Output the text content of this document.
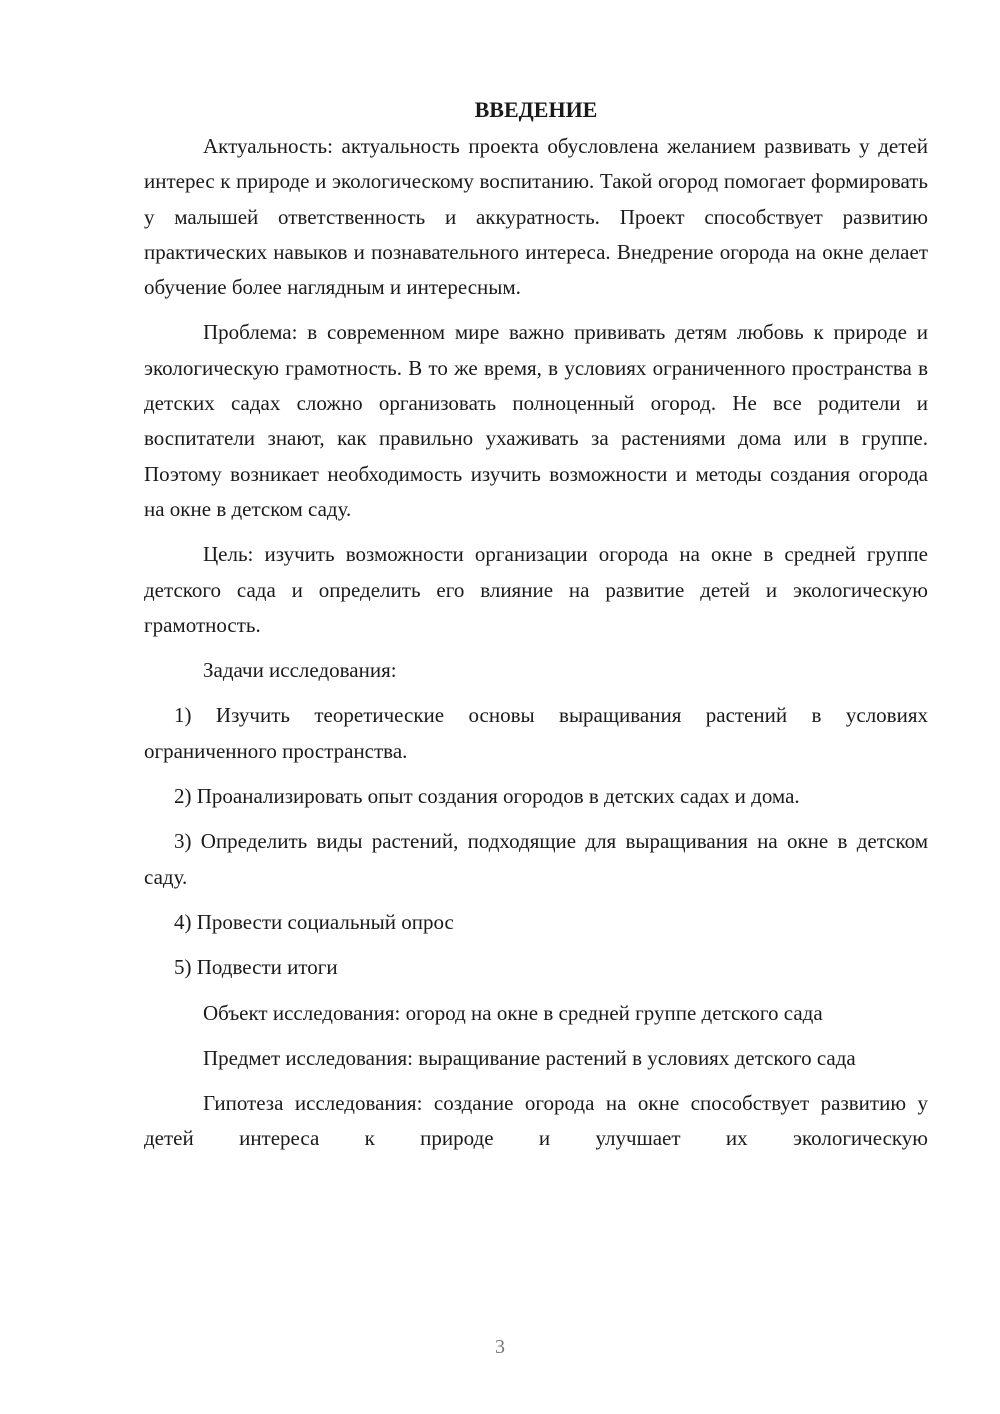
ВВЕДЕНИЕ

Актуальность: актуальность проекта обусловлена желанием развивать у детей интерес к природе и экологическому воспитанию. Такой огород помогает формировать у малышей ответственность и аккуратность. Проект способствует развитию практических навыков и познавательного интереса. Внедрение огорода на окне делает обучение более наглядным и интересным.

Проблема: в современном мире важно прививать детям любовь к природе и экологическую грамотность. В то же время, в условиях ограниченного пространства в детских садах сложно организовать полноценный огород. Не все родители и воспитатели знают, как правильно ухаживать за растениями дома или в группе. Поэтому возникает необходимость изучить возможности и методы создания огорода на окне в детском саду.

Цель: изучить возможности организации огорода на окне в средней группе детского сада и определить его влияние на развитие детей и экологическую грамотность.

Задачи исследования:

1) Изучить теоретические основы выращивания растений в условиях ограниченного пространства.

2) Проанализировать опыт создания огородов в детских садах и дома.

3) Определить виды растений, подходящие для выращивания на окне в детском саду.

4) Провести социальный опрос

5) Подвести итоги

Объект исследования: огород на окне в средней группе детского сада

Предмет исследования: выращивание растений в условиях детского сада

Гипотеза исследования: создание огорода на окне способствует развитию у детей интереса к природе и улучшает их экологическую

3
